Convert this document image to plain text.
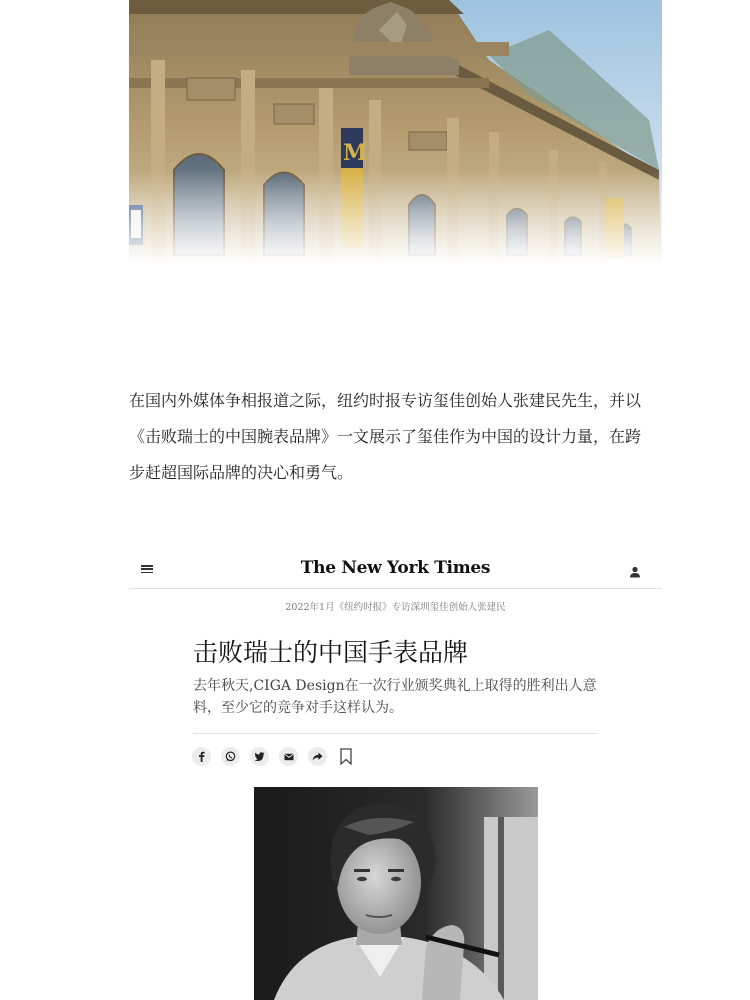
M
在国内外媒体争相报道之际，纽约时报专访玺佳创始人张建民先生，并以
《击败瑞士的中国腕表品牌》一文展示了玺佳作为中国的设计力量，在跨
步赶超国际品牌的决心和勇气。
The New York Times
2022年1月《纽约时报》专访深圳玺佳创始人张建民
击败瑞士的中国手表品牌
去年秋天,CIGA Design在一次行业颁奖典礼上取得的胜利出人意料，至少它的竞争对手这样认为。
